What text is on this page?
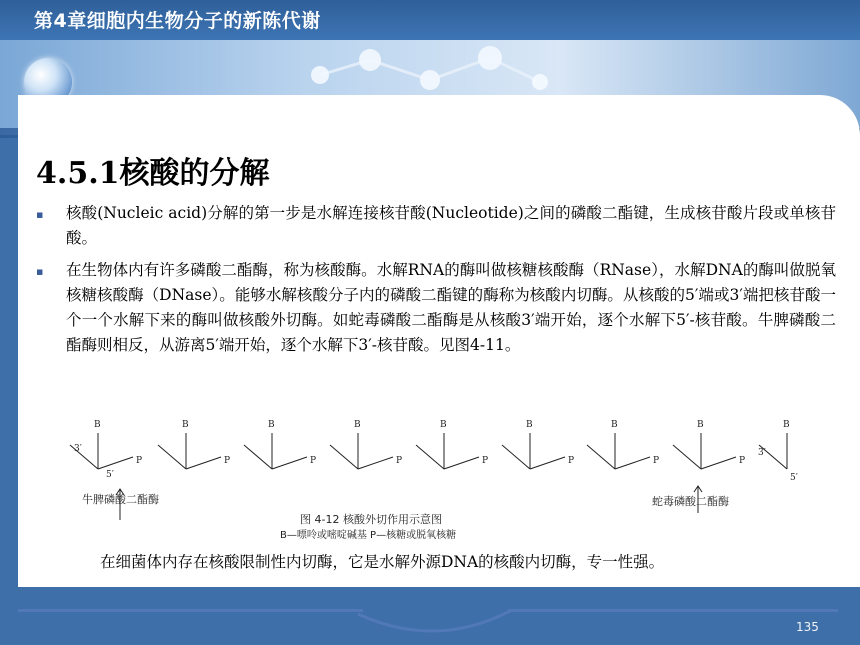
第4章细胞内生物分子的新陈代谢
4.5.1核酸的分解
▪ 核酸(Nucleic acid)分解的第一步是水解连接核苷酸(Nucleotide)之间的磷酸二酯键，生成核苷酸片段或单核苷酸。
▪ 在生物体内有许多磷酸二酯酶，称为核酸酶。水解RNA的酶叫做核糖核酸酶（RNase），水解DNA的酶叫做脱氧核糖核酸酶（DNase）。能够水解核酸分子内的磷酸二酯键的酶称为核酸内切酶。从核酸的5′端或3′端把核苷酸一个一个水解下来的酶叫做核酸外切酶。如蛇毒磷酸二酯酶是从核酸3′端开始，逐个水解下5′-核苷酸。牛脾磷酸二酯酶则相反，从游离5′端开始，逐个水解下3′-核苷酸。见图4-11。
B
P
B
P
B
P
B
P
B
P
B
P
B
P
B
P
B
3′
5′
3′
5′
牛脾磷酸二酯酶	蛇毒磷酸二酯酶
图 4-12 核酸外切作用示意图
B—嘌呤或嘧啶碱基 P—核糖或脱氧核糖
在细菌体内存在核酸限制性内切酶，它是水解外源DNA的核酸内切酶，专一性强。
135
